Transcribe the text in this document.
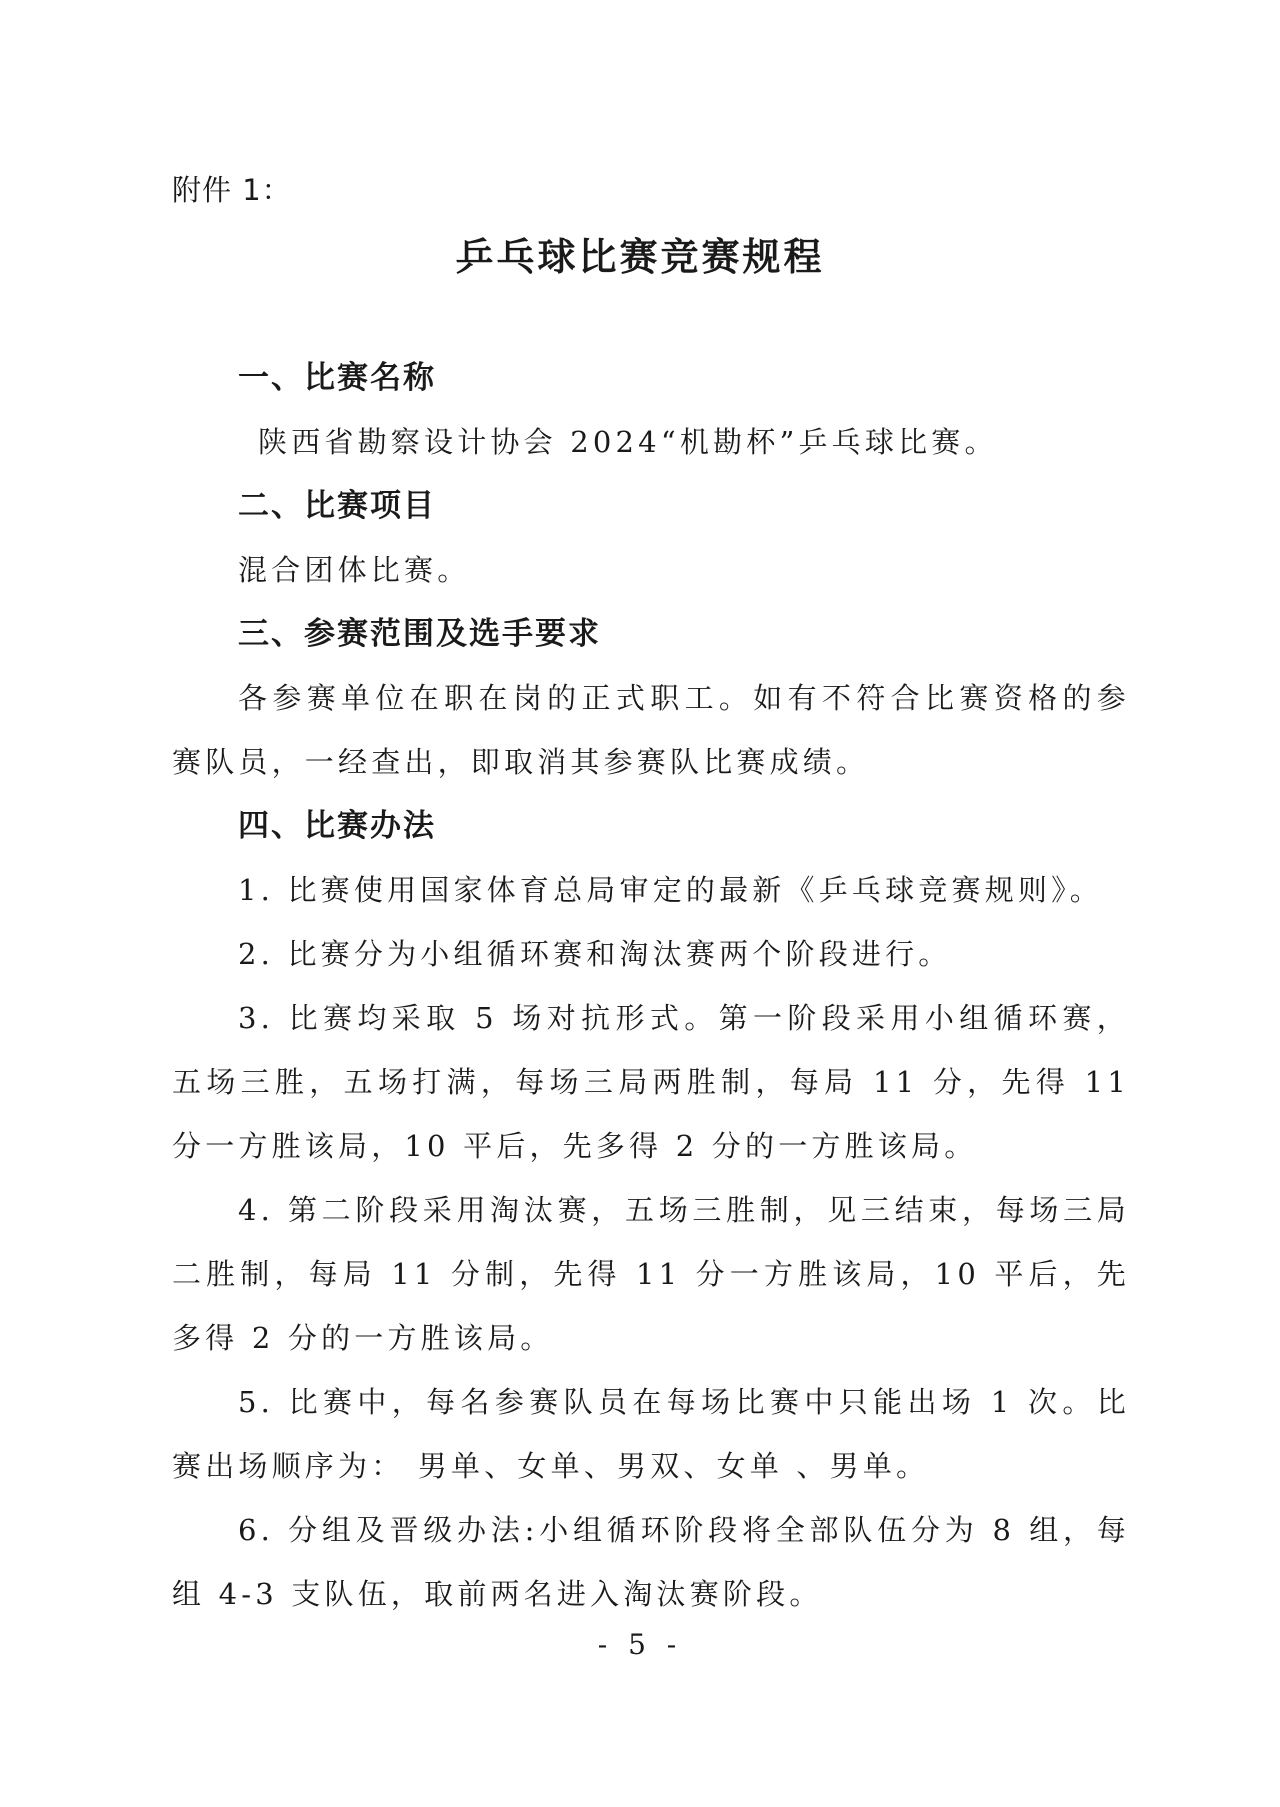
附件 1：
乒乓球比赛竞赛规程
一、比赛名称

陕西省勘察设计协会 2024“机勘杯”乒乓球比赛。

二、比赛项目

混合团体比赛。

三、参赛范围及选手要求

各参赛单位在职在岗的正式职工。如有不符合比赛资格的参赛队员，一经查出，即取消其参赛队比赛成绩。

四、比赛办法

1. 比赛使用国家体育总局审定的最新《乒乓球竞赛规则》。

2. 比赛分为小组循环赛和淘汰赛两个阶段进行。

3. 比赛均采取 5 场对抗形式。第一阶段采用小组循环赛，五场三胜，五场打满，每场三局两胜制，每局 11 分，先得 11 分一方胜该局，10 平后，先多得 2 分的一方胜该局。

4. 第二阶段采用淘汰赛，五场三胜制，见三结束，每场三局二胜制，每局 11 分制，先得 11 分一方胜该局，10 平后，先多得 2 分的一方胜该局。

5. 比赛中，每名参赛队员在每场比赛中只能出场 1 次。比赛出场顺序为： 男单、女单、男双、女单 、男单。

6. 分组及晋级办法:小组循环阶段将全部队伍分为 8 组，每组 4-3 支队伍，取前两名进入淘汰赛阶段。

- 5 -
